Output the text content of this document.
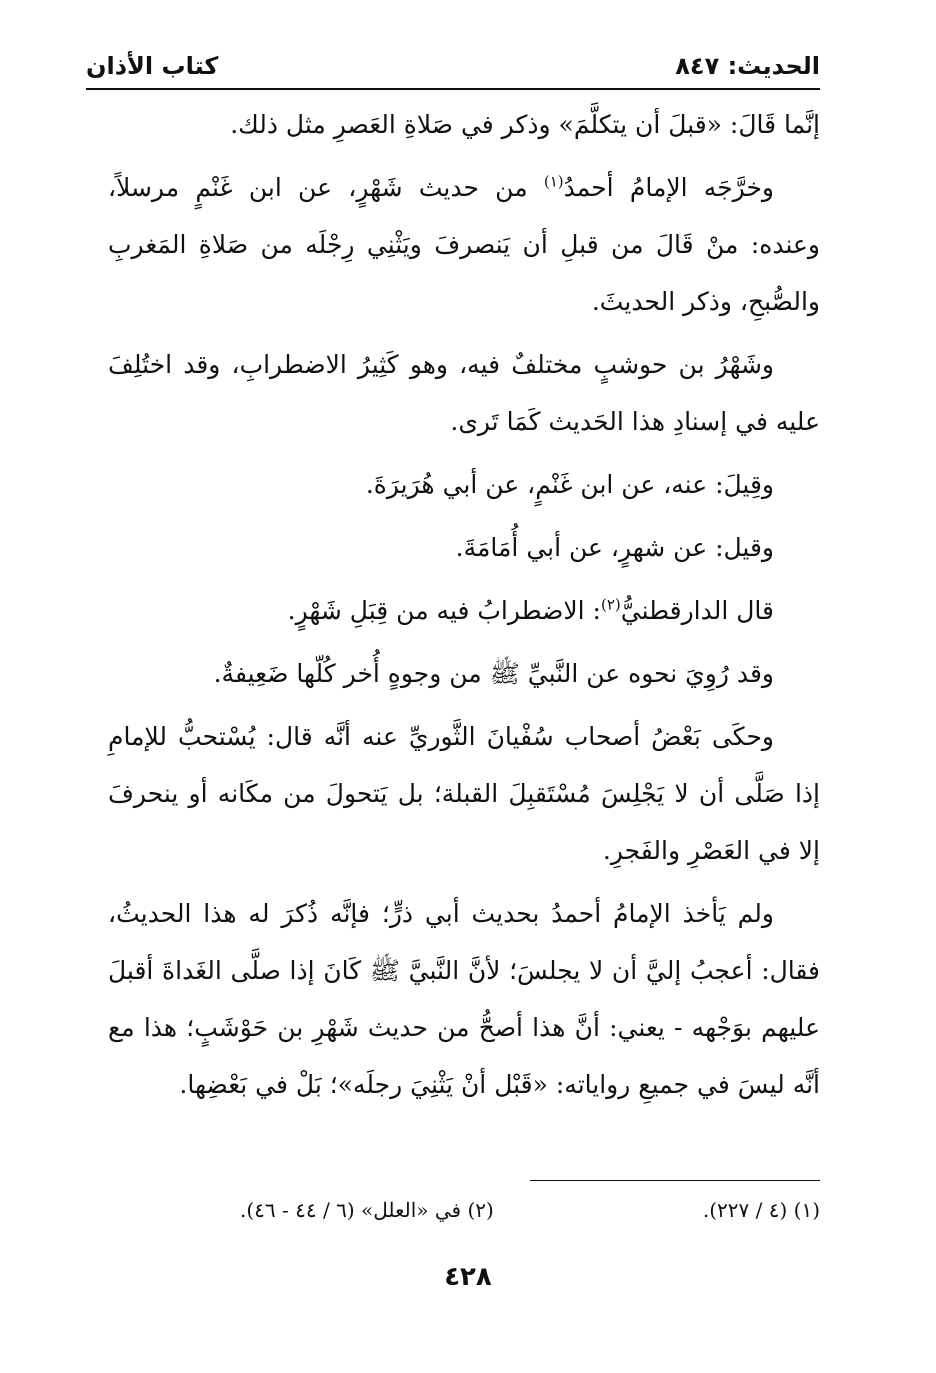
الحديث: ٨٤٧
كتاب الأذان

إنَّما قَالَ: «قبلَ أن يتكلَّمَ» وذكر في صَلاةِ العَصرِ مثل ذلك.

وخرَّجَه الإمامُ أحمدُ$^{(١)}$ من حديث شَهْرٍ، عن ابن غَنْمٍ مرسلاً، وعنده: منْ قَالَ من قبلِ أن يَنصرفَ ويَثْنِي رِجْلَه من صَلاةِ المَغربِ والصُّبحِ، وذكر الحديثَ.

وشَهْرُ بن حوشبٍ مختلفٌ فيه، وهو كَثِيرُ الاضطرابِ، وقد اختُلِفَ عليه في إسنادِ هذا الحَديث كَمَا تَرى.

وقِيلَ: عنه، عن ابن غَنْمٍ، عن أبي هُرَيرَةَ.

وقيل: عن شهرٍ، عن أبي أُمَامَةَ.

قال الدارقطنيُّ$^{(٢)}$: الاضطرابُ فيه من قِبَلِ شَهْرٍ.

وقد رُوِيَ نحوه عن النَّبيِّ ﷺ من وجوهٍ أُخر كُلّها ضَعِيفةٌ.

وحكَى بَعْضُ أصحاب سُفْيانَ الثَّوريِّ عنه أنَّه قال: يُسْتحبُّ للإمامِ إذا صَلَّى أن لا يَجْلِسَ مُسْتَقبِلَ القبلة؛ بل يَتحولَ من مكَانه أو ينحرفَ إلا في العَصْرِ والفَجرِ.

ولم يَأخذ الإمامُ أحمدُ بحديث أبي ذرٍّ؛ فإنَّه ذُكرَ له هذا الحديثُ، فقال: أعجبُ إليَّ أن لا يجلسَ؛ لأنَّ النَّبيَّ ﷺ كَانَ إذا صلَّى الغَداةَ أقبلَ عليهم بوَجْهه - يعني: أنَّ هذا أصحُّ من حديث شَهْرِ بن حَوْشَبٍ؛ هذا مع أنَّه ليسَ في جميعِ رواياته: «قَبْل أنْ يَثْنِيَ رجلَه»؛ بَلْ في بَعْضِها.

(١) (٤ / ٢٢٧).
(٢) في «العلل» (٦ / ٤٤ - ٤٦).
٤٢٨
